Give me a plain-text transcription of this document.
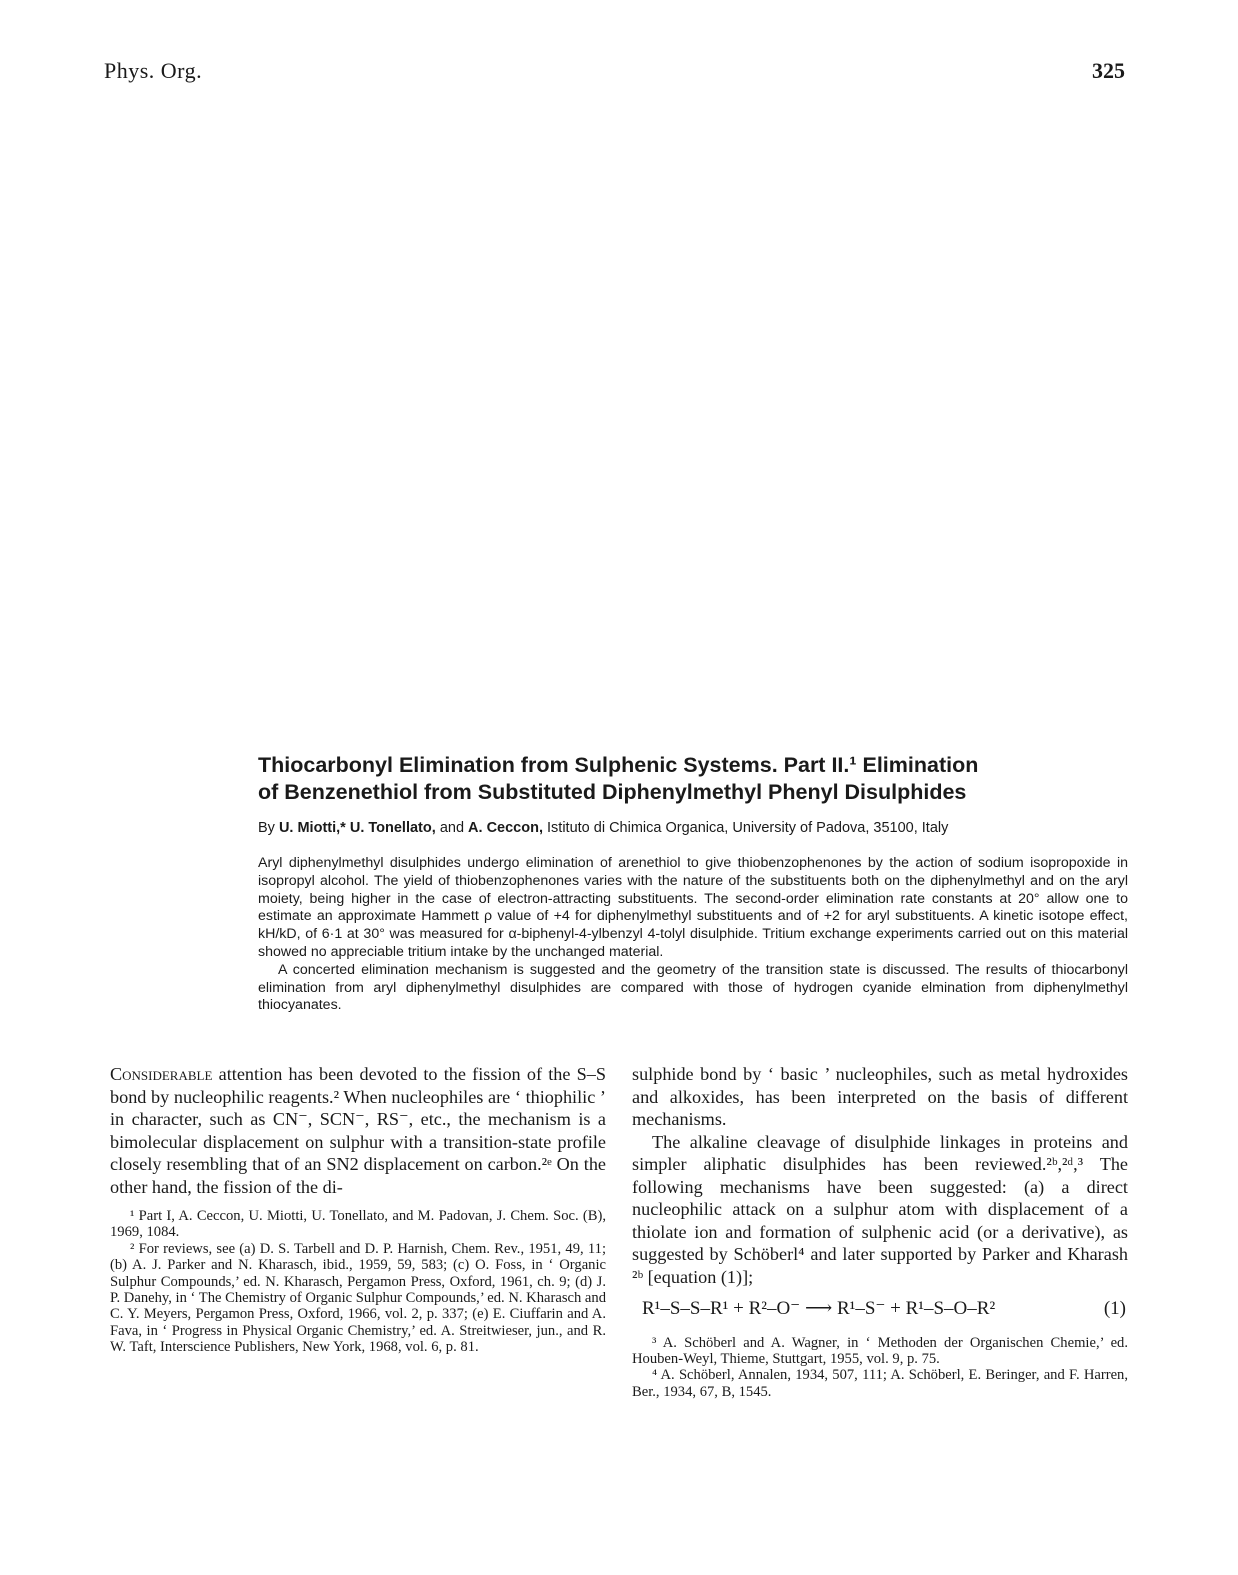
Phys. Org.	325
Thiocarbonyl Elimination from Sulphenic Systems. Part II.¹ Elimination
of Benzenethiol from Substituted Diphenylmethyl Phenyl Disulphides
By U. Miotti,* U. Tonellato, and A. Ceccon, Istituto di Chimica Organica, University of Padova, 35100, Italy

Aryl diphenylmethyl disulphides undergo elimination of arenethiol to give thiobenzophenones by the action of sodium isopropoxide in isopropyl alcohol. The yield of thiobenzophenones varies with the nature of the substituents both on the diphenylmethyl and on the aryl moiety, being higher in the case of electron-attracting substituents. The second-order elimination rate constants at 20° allow one to estimate an approximate Hammett ρ value of +4 for diphenylmethyl substituents and of +2 for aryl substituents. A kinetic isotope effect, kH/kD, of 6·1 at 30° was measured for α-biphenyl-4-ylbenzyl 4-tolyl disulphide. Tritium exchange experiments carried out on this material showed no appreciable tritium intake by the unchanged material.

A concerted elimination mechanism is suggested and the geometry of the transition state is discussed. The results of thiocarbonyl elimination from aryl diphenylmethyl disulphides are compared with those of hydrogen cyanide elmination from diphenylmethyl thiocyanates.

Considerable attention has been devoted to the fission of the S–S bond by nucleophilic reagents.² When nucleophiles are ‘ thiophilic ’ in character, such as CN⁻, SCN⁻, RS⁻, etc., the mechanism is a bimolecular displacement on sulphur with a transition-state profile closely resembling that of an SN2 displacement on carbon.²ᵉ On the other hand, the fission of the di-

¹ Part I, A. Ceccon, U. Miotti, U. Tonellato, and M. Padovan, J. Chem. Soc. (B), 1969, 1084.

² For reviews, see (a) D. S. Tarbell and D. P. Harnish, Chem. Rev., 1951, 49, 11; (b) A. J. Parker and N. Kharasch, ibid., 1959, 59, 583; (c) O. Foss, in ‘ Organic Sulphur Compounds,’ ed. N. Kharasch, Pergamon Press, Oxford, 1961, ch. 9; (d) J. P. Danehy, in ‘ The Chemistry of Organic Sulphur Compounds,’ ed. N. Kharasch and C. Y. Meyers, Pergamon Press, Oxford, 1966, vol. 2, p. 337; (e) E. Ciuffarin and A. Fava, in ‘ Progress in Physical Organic Chemistry,’ ed. A. Streitwieser, jun., and R. W. Taft, Interscience Publishers, New York, 1968, vol. 6, p. 81.

sulphide bond by ‘ basic ’ nucleophiles, such as metal hydroxides and alkoxides, has been interpreted on the basis of different mechanisms.

The alkaline cleavage of disulphide linkages in proteins and simpler aliphatic disulphides has been reviewed.²ᵇ,²ᵈ,³ The following mechanisms have been suggested: (a) a direct nucleophilic attack on a sulphur atom with displacement of a thiolate ion and formation of sulphenic acid (or a derivative), as suggested by Schöberl⁴ and later supported by Parker and Kharash ²ᵇ [equation (1)];

R¹–S–S–R¹ + R²–O⁻ ⟶ R¹–S⁻ + R¹–S–O–R²	(1)

³ A. Schöberl and A. Wagner, in ‘ Methoden der Organischen Chemie,’ ed. Houben-Weyl, Thieme, Stuttgart, 1955, vol. 9, p. 75.

⁴ A. Schöberl, Annalen, 1934, 507, 111; A. Schöberl, E. Beringer, and F. Harren, Ber., 1934, 67, B, 1545.
